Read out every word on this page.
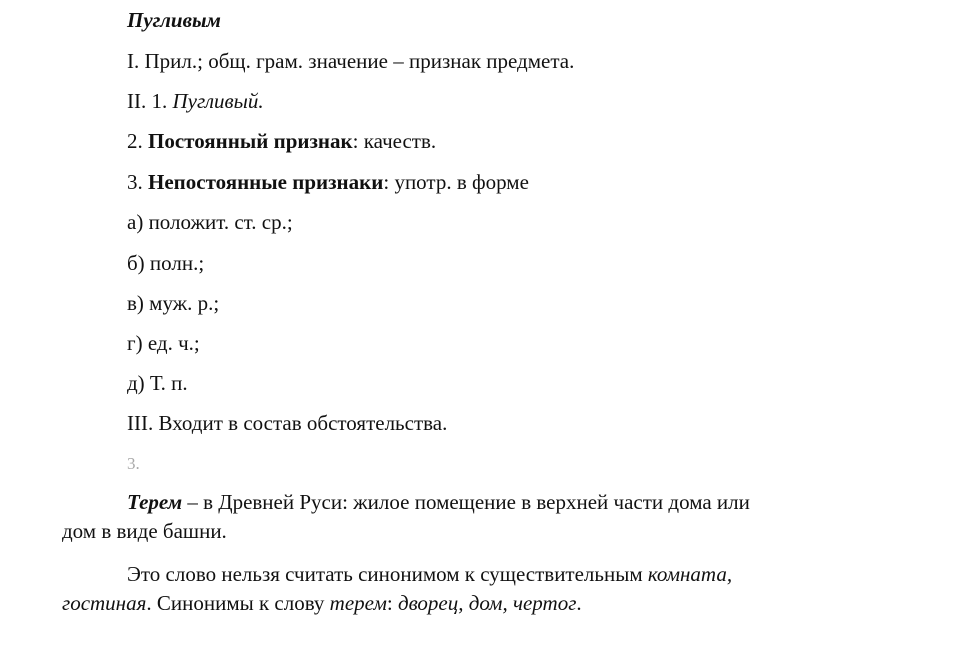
Пугливым
I. Прил.; общ. грам. значение – признак предмета.
II. 1. Пугливый.
2. Постоянный признак: качеств.
3. Непостоянные признаки: употр. в форме
а) положит. ст. ср.;
б) полн.;
в) муж. р.;
г) ед. ч.;
д) Т. п.
III. Входит в состав обстоятельства.
3.
Терем – в Древней Руси: жилое помещение в верхней части дома или
дом в виде башни.
Это слово нельзя считать синонимом к существительным комната,
гостиная. Синонимы к слову терем: дворец, дом, чертог.
